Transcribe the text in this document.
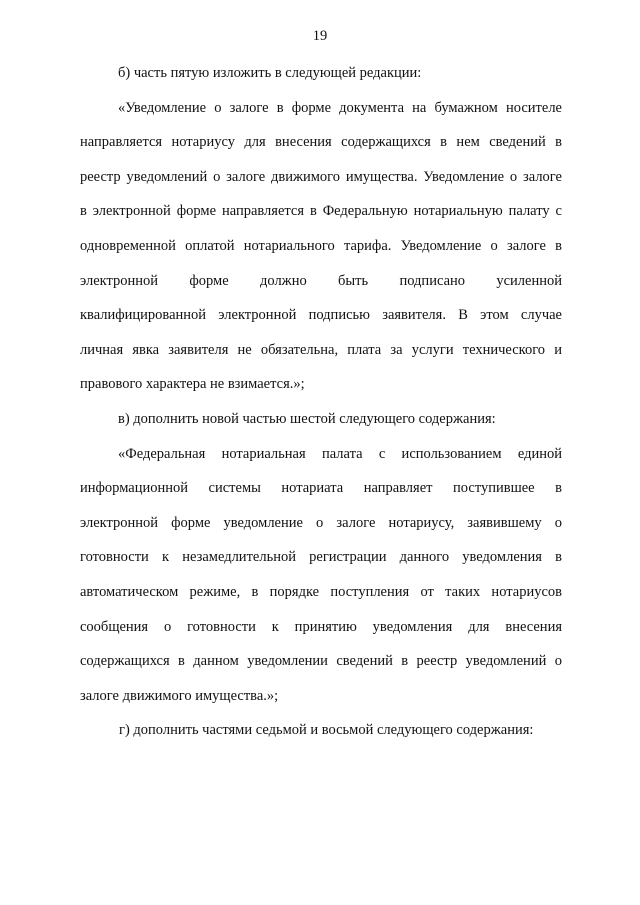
19
б) часть пятую изложить в следующей редакции:
«Уведомление о залоге в форме документа на бумажном носителе
направляется нотариусу для внесения содержащихся в нем сведений в
реестр уведомлений о залоге движимого имущества. Уведомление о залоге
в электронной форме направляется в Федеральную нотариальную палату с
одновременной оплатой нотариального тарифа. Уведомление о залоге в
электронной форме должно быть подписано усиленной
квалифицированной электронной подписью заявителя. В этом случае
личная явка заявителя не обязательна, плата за услуги технического и
правового характера не взимается.»;
в) дополнить новой частью шестой следующего содержания:
«Федеральная нотариальная палата с использованием единой
информационной системы нотариата направляет поступившее в
электронной форме уведомление о залоге нотариусу, заявившему о
готовности к незамедлительной регистрации данного уведомления в
автоматическом режиме, в порядке поступления от таких нотариусов
сообщения о готовности к принятию уведомления для внесения
содержащихся в данном уведомлении сведений в реестр уведомлений о
залоге движимого имущества.»;
г) дополнить частями седьмой и восьмой следующего содержания:
